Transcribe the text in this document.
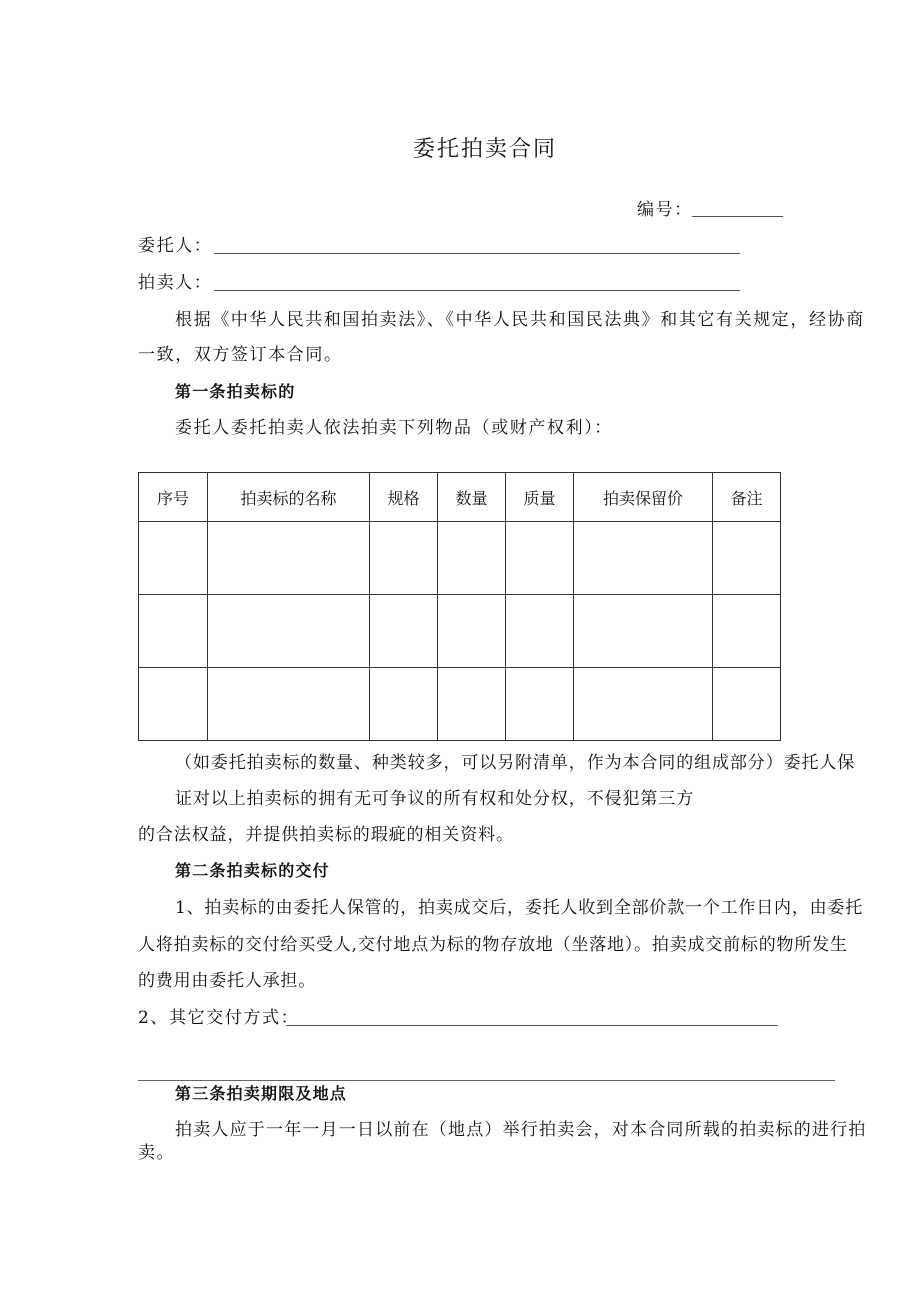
委托拍卖合同
编号：
委托人：
拍卖人：
根据《中华人民共和国拍卖法》、《中华人民共和国民法典》和其它有关规定，经协商
一致，双方签订本合同。
第一条拍卖标的
委托人委托拍卖人依法拍卖下列物品（或财产权利）：
序号	拍卖标的名称	规格	数量	质量	拍卖保留价	备注

（如委托拍卖标的数量、种类较多，可以另附清单，作为本合同的组成部分）委托人保
证对以上拍卖标的拥有无可争议的所有权和处分权，不侵犯第三方
的合法权益，并提供拍卖标的瑕疵的相关资料。
第二条拍卖标的交付
1、拍卖标的由委托人保管的，拍卖成交后，委托人收到全部价款一个工作日内，由委托
人将拍卖标的交付给买受人,交付地点为标的物存放地（坐落地）。拍卖成交前标的物所发生
的费用由委托人承担。
2、其它交付方式：
第三条拍卖期限及地点
拍卖人应于一年一月一日以前在（地点）举行拍卖会，对本合同所载的拍卖标的进行拍
卖。
